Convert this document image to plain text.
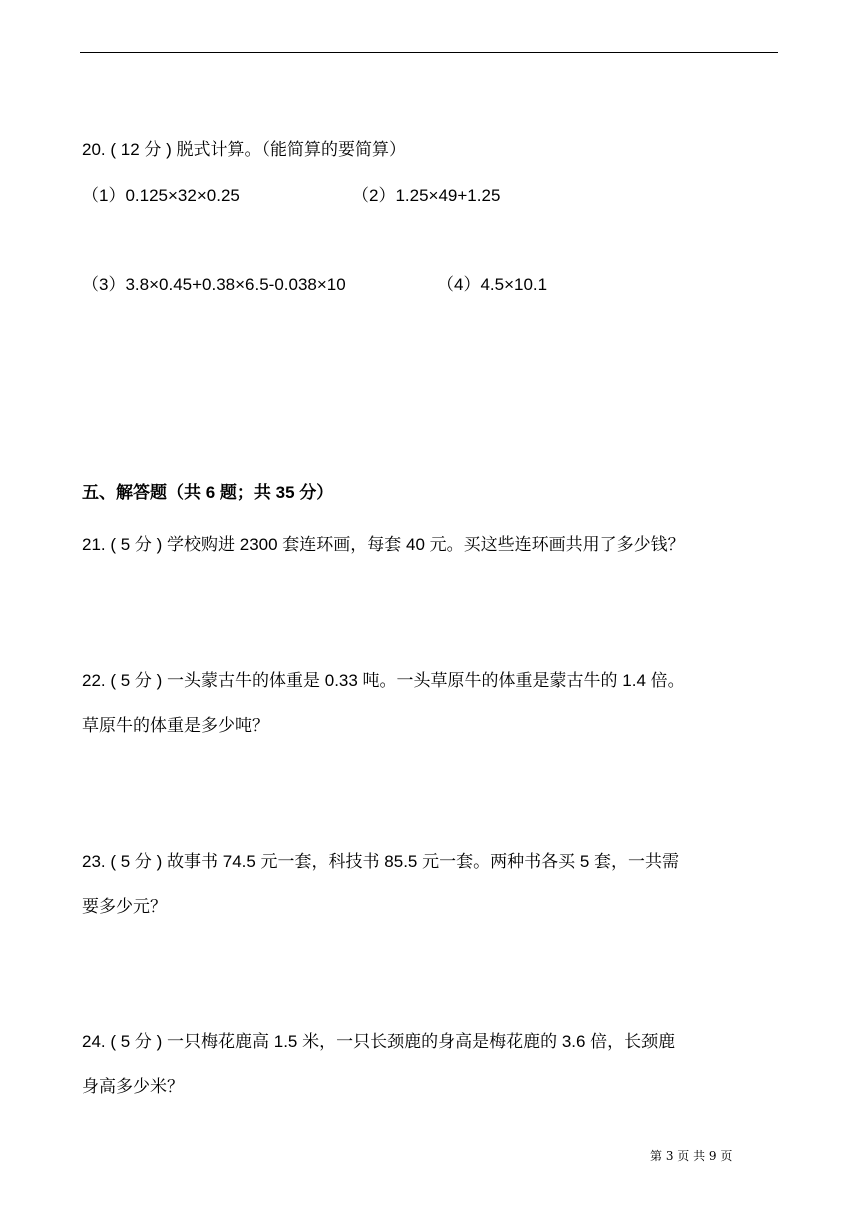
20. ( 12 分 ) 脱式计算。（能简算的要简算）
（1）0.125×32×0.25	（2）1.25×49+1.25
（3）3.8×0.45+0.38×6.5-0.038×10	（4）4.5×10.1
五、解答题（共 6 题；共 35 分）
21. ( 5 分 ) 学校购进 2300 套连环画，每套 40 元。买这些连环画共用了多少钱？
22. ( 5 分 ) 一头蒙古牛的体重是 0.33 吨。一头草原牛的体重是蒙古牛的 1.4 倍。
草原牛的体重是多少吨？
23. ( 5 分 ) 故事书 74.5 元一套，科技书 85.5 元一套。两种书各买 5 套，一共需
要多少元？
24. ( 5 分 ) 一只梅花鹿高 1.5 米，一只长颈鹿的身高是梅花鹿的 3.6 倍，长颈鹿
身高多少米？
第 3 页 共 9 页
